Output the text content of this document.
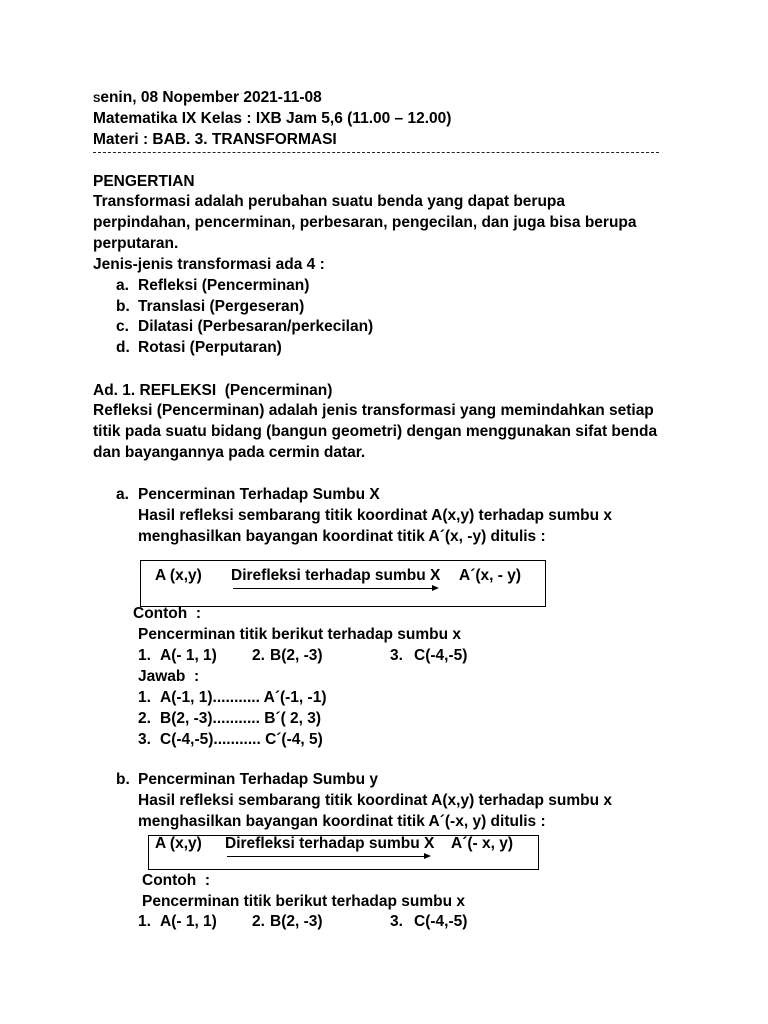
Senin, 08 Nopember 2021-11-08
Matematika IX Kelas : IXB Jam 5,6 (11.00 – 12.00)
Materi : BAB. 3. TRANSFORMASI
PENGERTIAN
Transformasi adalah perubahan suatu benda yang dapat berupa
perpindahan, pencerminan, perbesaran, pengecilan, dan juga bisa berupa
perputaran.
Jenis-jenis transformasi ada 4 :
a. Refleksi (Pencerminan)
b. Translasi (Pergeseran)
c. Dilatasi (Perbesaran/perkecilan)
d. Rotasi (Perputaran)
Ad. 1. REFLEKSI  (Pencerminan)
Refleksi (Pencerminan) adalah jenis transformasi yang memindahkan setiap
titik pada suatu bidang (bangun geometri) dengan menggunakan sifat benda
dan bayangannya pada cermin datar.
a. Pencerminan Terhadap Sumbu X
Hasil refleksi sembarang titik koordinat A(x,y) terhadap sumbu x
menghasilkan bayangan koordinat titik A´(x, -y) ditulis :
A (x,y) Direfleksi terhadap sumbu X A´(x, - y)
Contoh  :
Pencerminan titik berikut terhadap sumbu x
1. A(- 1, 1) 2. B(2, -3)	3. C(-4,-5)
Jawab  :
1. A(-1, 1)........... A´(-1, -1)
2. B(2, -3)........... B´( 2, 3)
3. C(-4,-5)........... C´(-4, 5)
b. Pencerminan Terhadap Sumbu y
Hasil refleksi sembarang titik koordinat A(x,y) terhadap sumbu x
menghasilkan bayangan koordinat titik A´(-x, y) ditulis :
A (x,y) Direfleksi terhadap sumbu X A´(- x, y)
Contoh  :
Pencerminan titik berikut terhadap sumbu x
1. A(- 1, 1) 2. B(2, -3)	3. C(-4,-5)
